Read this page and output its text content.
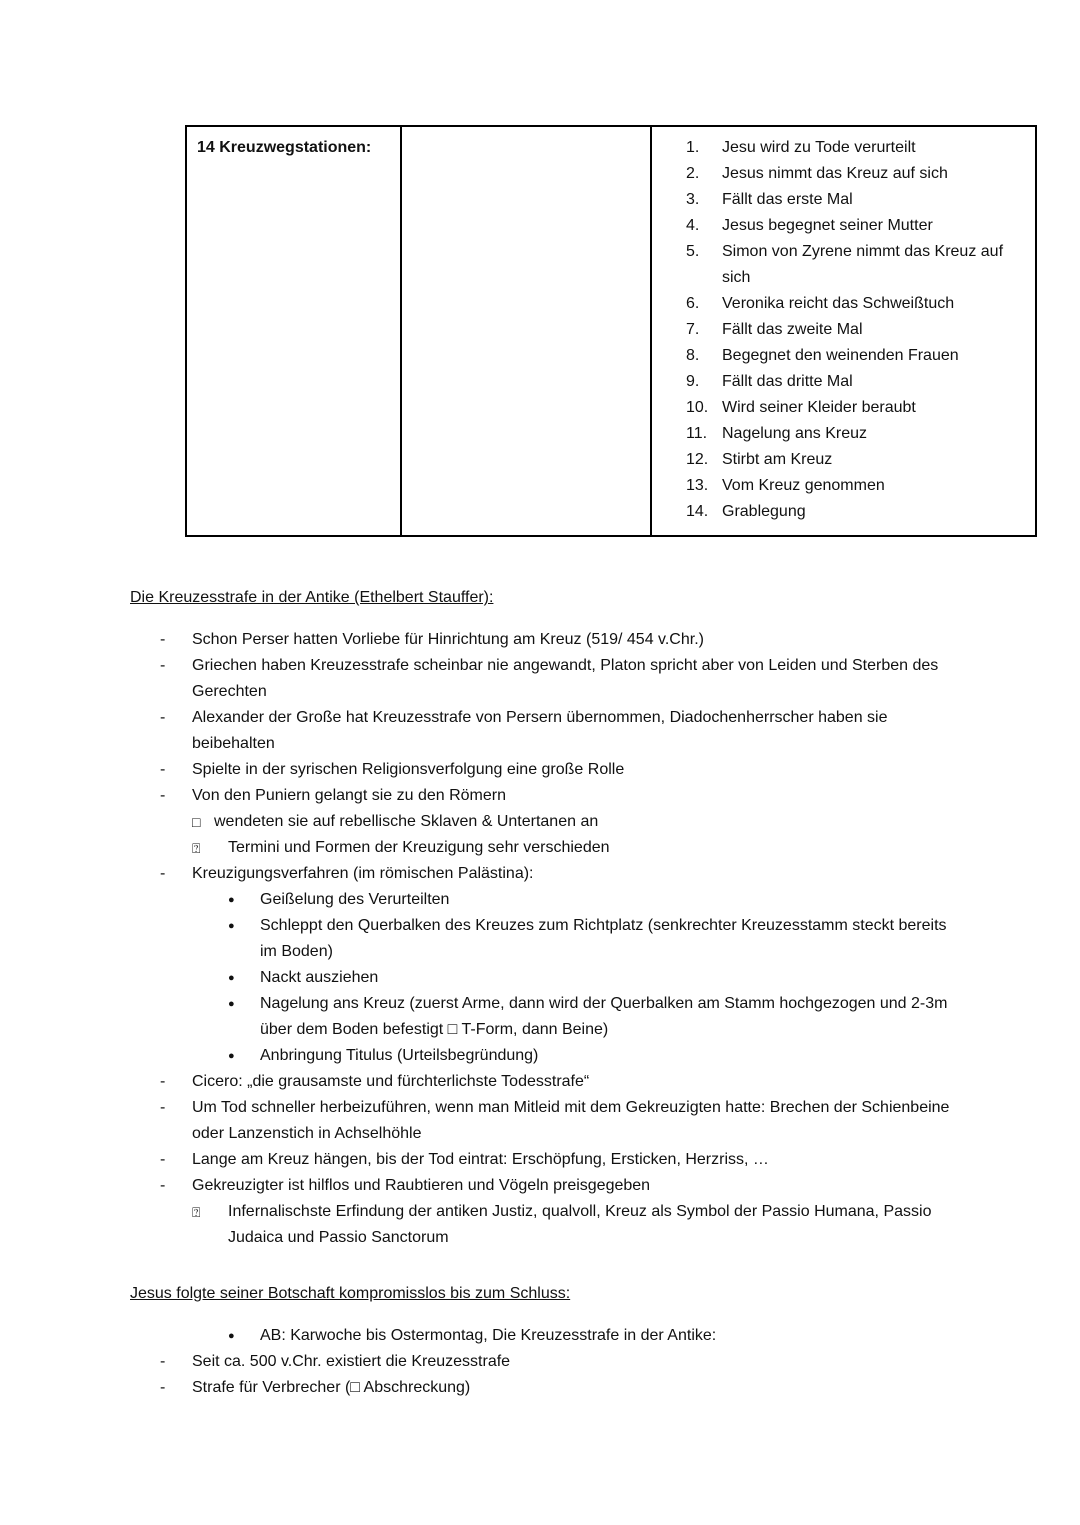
14 Kreuzwegstationen:		1.	Jesu wird zu Tode verurteilt
2.	Jesus nimmt das Kreuz auf sich
3.	Fällt das erste Mal
4.	Jesus begegnet seiner Mutter
5.	Simon von Zyrene nimmt das Kreuz auf sich
6.	Veronika reicht das Schweißtuch
7.	Fällt das zweite Mal
8.	Begegnet den weinenden Frauen
9.	Fällt das dritte Mal
10. Wird seiner Kleider beraubt
11. Nagelung ans Kreuz
12. Stirbt am Kreuz
13. Vom Kreuz genommen
14. Grablegung
Die Kreuzesstrafe in der Antike (Ethelbert Stauffer):
-	Schon Perser hatten Vorliebe für Hinrichtung am Kreuz (519/ 454 v.Chr.)
-	Griechen haben Kreuzesstrafe scheinbar nie angewandt, Platon spricht aber von Leiden und Sterben des Gerechten
-	Alexander der Große hat Kreuzesstrafe von Persern übernommen, Diadochenherrscher haben sie beibehalten
-	Spielte in der syrischen Religionsverfolgung eine große Rolle
-	Von den Puniern gelangt sie zu den Römern
□ wendeten sie auf rebellische Sklaven & Untertanen an
⍰	Termini und Formen der Kreuzigung sehr verschieden
-	Kreuzigungsverfahren (im römischen Palästina):
●	Geißelung des Verurteilten
●	Schleppt den Querbalken des Kreuzes zum Richtplatz (senkrechter Kreuzesstamm steckt bereits im Boden)
●	Nackt ausziehen
●	Nagelung ans Kreuz (zuerst Arme, dann wird der Querbalken am Stamm hochgezogen und 2-3m über dem Boden befestigt □ T-Form, dann Beine)
●	Anbringung Titulus (Urteilsbegründung)
-	Cicero: „die grausamste und fürchterlichste Todesstrafe“
-	Um Tod schneller herbeizuführen, wenn man Mitleid mit dem Gekreuzigten hatte: Brechen der Schienbeine oder Lanzenstich in Achselhöhle
-	Lange am Kreuz hängen, bis der Tod eintrat: Erschöpfung, Ersticken, Herzriss, …
-	Gekreuzigter ist hilflos und Raubtieren und Vögeln preisgegeben
⍰	Infernalischste Erfindung der antiken Justiz, qualvoll, Kreuz als Symbol der Passio Humana, Passio Judaica und Passio Sanctorum
Jesus folgte seiner Botschaft kompromisslos bis zum Schluss:
●	AB: Karwoche bis Ostermontag, Die Kreuzesstrafe in der Antike:
-	Seit ca. 500 v.Chr. existiert die Kreuzesstrafe
-	Strafe für Verbrecher (□ Abschreckung)
